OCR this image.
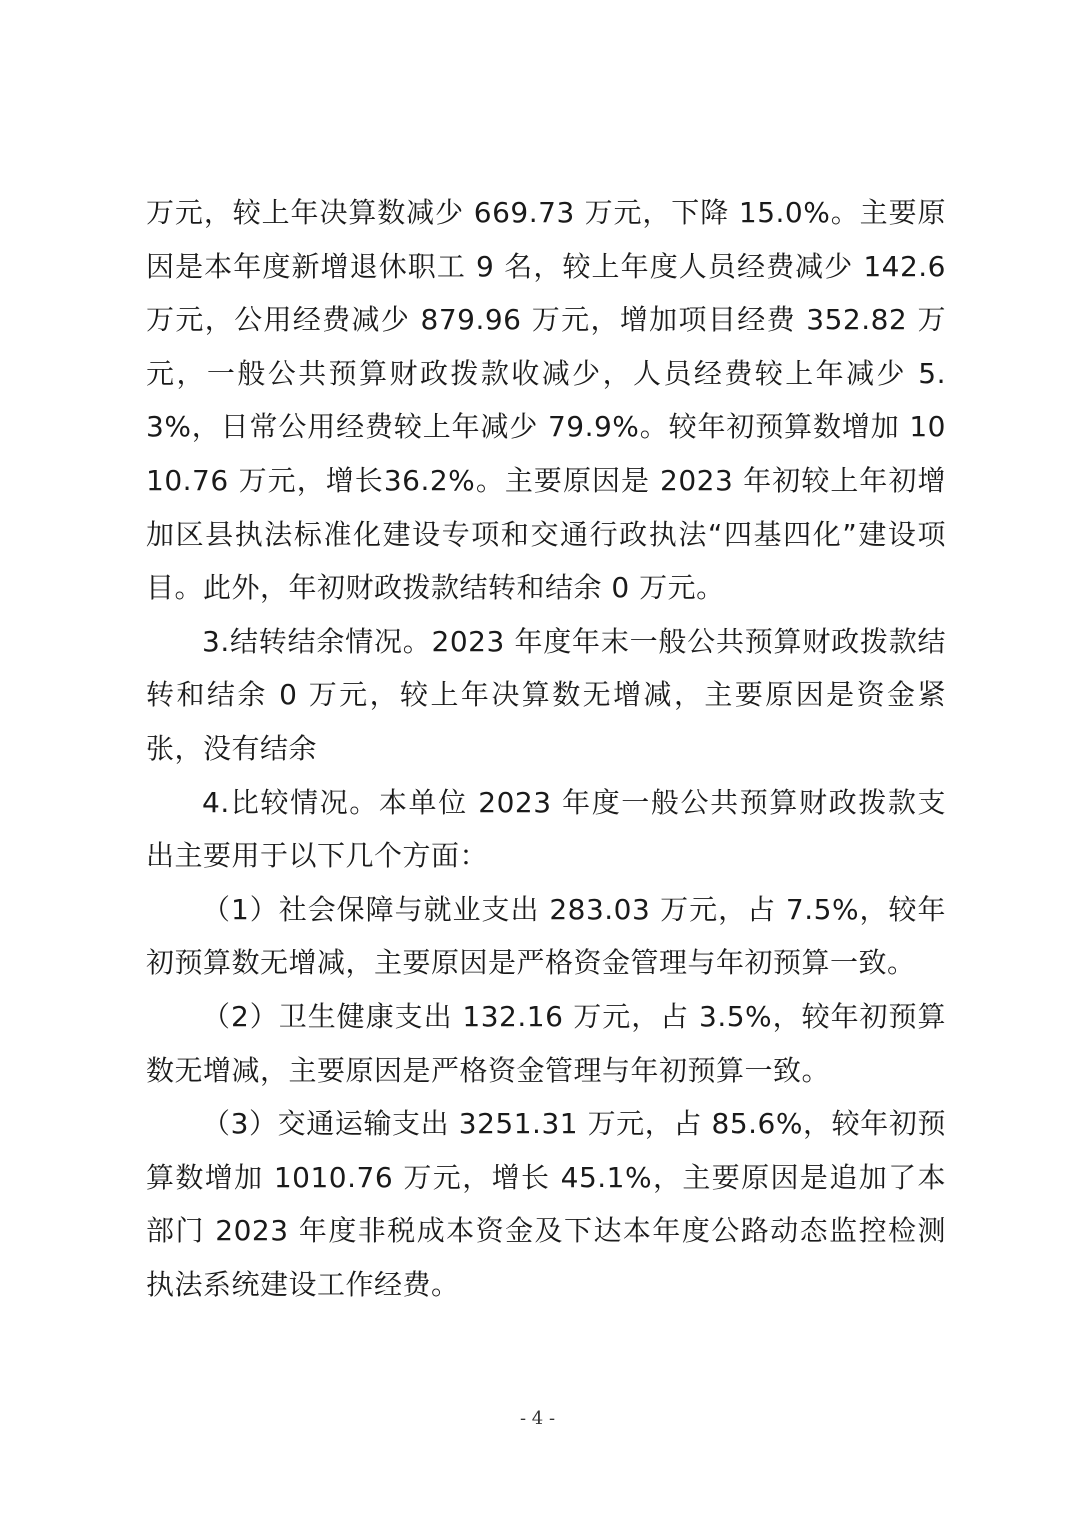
万元，较上年决算数减少 669.73 万元，下降 15.0%。主要原因是本年度新增退休职工 9 名，较上年度人员经费减少 142.6 万元，公用经费减少 879.96 万元，增加项目经费 352.82 万元，一般公共预算财政拨款收减少，人员经费较上年减少 5.3%，日常公用经费较上年减少 79.9%。较年初预算数增加 1010.76 万元，增长36.2%。主要原因是 2023 年初较上年初增加区县执法标准化建设专项和交通行政执法“四基四化”建设项目。此外，年初财政拨款结转和结余 0 万元。

3.结转结余情况。2023 年度年末一般公共预算财政拨款结转和结余 0 万元，较上年决算数无增减，主要原因是资金紧张，没有结余

4.比较情况。本单位 2023 年度一般公共预算财政拨款支出主要用于以下几个方面：

（1）社会保障与就业支出 283.03 万元，占 7.5%，较年初预算数无增减，主要原因是严格资金管理与年初预算一致。

（2）卫生健康支出 132.16 万元，占 3.5%，较年初预算数无增减，主要原因是严格资金管理与年初预算一致。

（3）交通运输支出 3251.31 万元，占 85.6%，较年初预算数增加 1010.76 万元，增长 45.1%，主要原因是追加了本部门 2023 年度非税成本资金及下达本年度公路动态监控检测执法系统建设工作经费。

- 4 -
